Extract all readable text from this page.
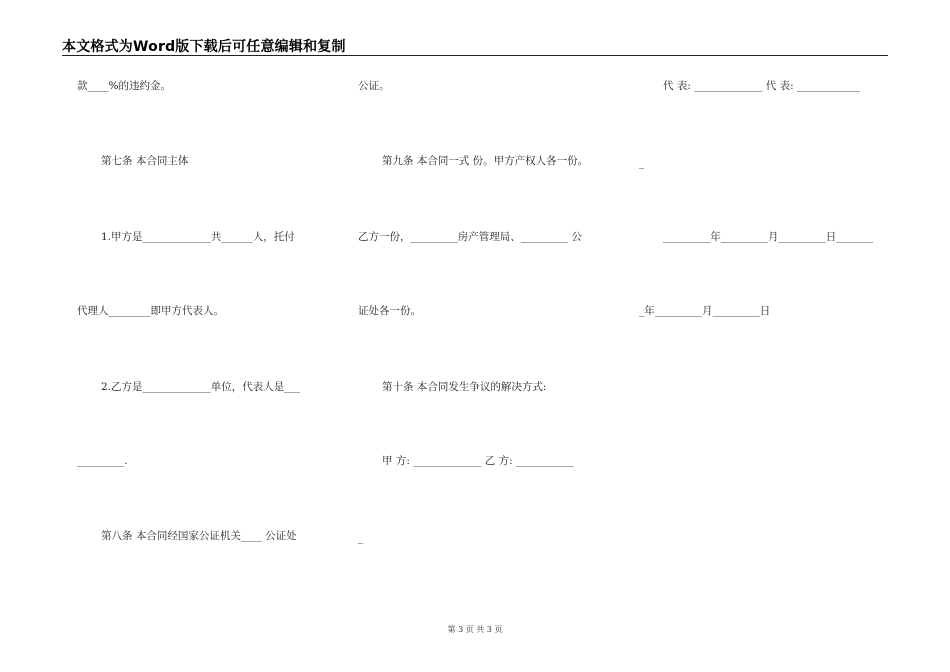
本文格式为Word版下载后可任意编辑和复制
款____%的违约金。
第七条 本合同主体
1.甲方是_____________共______人，托付
代理人________即甲方代表人。
2.乙方是_____________单位，代表人是___
_________.
第八条 本合同经国家公证机关____ 公证处
公证。
第九条 本合同一式 份。甲方产权人各一份。
乙方一份，_________房产管理局、_________ 公
证处各一份。
第十条 本合同发生争议的解决方式:
甲 方: _____________ 乙 方: ___________
_
代 表: _____________ 代 表: ____________
_
_________年_________月_________日_______
_年_________月_________日
第 3 页 共 3 页
